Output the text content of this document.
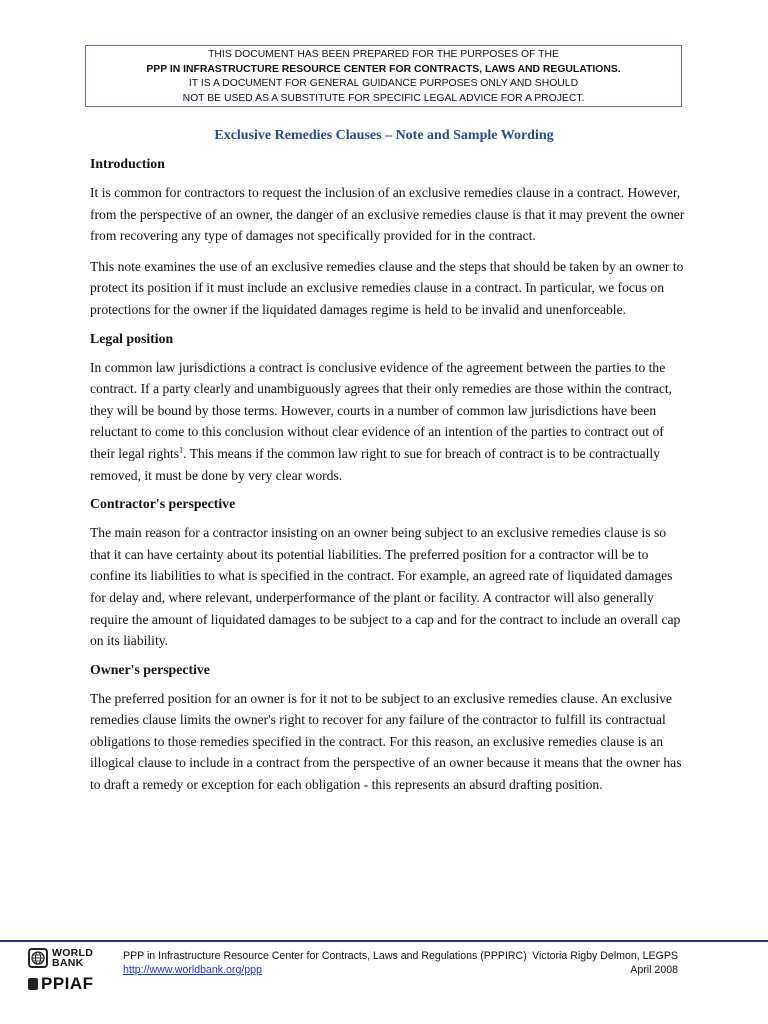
THIS DOCUMENT HAS BEEN PREPARED FOR THE PURPOSES OF THE
PPP IN INFRASTRUCTURE RESOURCE CENTER FOR CONTRACTS, LAWS AND REGULATIONS.
IT IS A DOCUMENT FOR GENERAL GUIDANCE PURPOSES ONLY AND SHOULD
NOT BE USED AS A SUBSTITUTE FOR SPECIFIC LEGAL ADVICE FOR A PROJECT.
Exclusive Remedies Clauses – Note and Sample Wording
Introduction

It is common for contractors to request the inclusion of an exclusive remedies clause in a contract. However, from the perspective of an owner, the danger of an exclusive remedies clause is that it may prevent the owner from recovering any type of damages not specifically provided for in the contract.

This note examines the use of an exclusive remedies clause and the steps that should be taken by an owner to protect its position if it must include an exclusive remedies clause in a contract. In particular, we focus on protections for the owner if the liquidated damages regime is held to be invalid and unenforceable.

Legal position

In common law jurisdictions a contract is conclusive evidence of the agreement between the parties to the contract. If a party clearly and unambiguously agrees that their only remedies are those within the contract, they will be bound by those terms. However, courts in a number of common law jurisdictions have been reluctant to come to this conclusion without clear evidence of an intention of the parties to contract out of their legal rights$^1$. This means if the common law right to sue for breach of contract is to be contractually removed, it must be done by very clear words.

Contractor's perspective

The main reason for a contractor insisting on an owner being subject to an exclusive remedies clause is so that it can have certainty about its potential liabilities. The preferred position for a contractor will be to confine its liabilities to what is specified in the contract. For example, an agreed rate of liquidated damages for delay and, where relevant, underperformance of the plant or facility. A contractor will also generally require the amount of liquidated damages to be subject to a cap and for the contract to include an overall cap on its liability.

Owner's perspective

The preferred position for an owner is for it not to be subject to an exclusive remedies clause. An exclusive remedies clause limits the owner's right to recover for any failure of the contractor to fulfill its contractual obligations to those remedies specified in the contract. For this reason, an exclusive remedies clause is an illogical clause to include in a contract from the perspective of an owner because it means that the owner has to draft a remedy or exception for each obligation - this represents an absurd drafting position.

WORLD
BANK
PPIAF
PPP in Infrastructure Resource Center for Contracts, Laws and Regulations (PPPIRC)
http://www.worldbank.org/ppp
Victoria Rigby Delmon, LEGPS
April 2008
